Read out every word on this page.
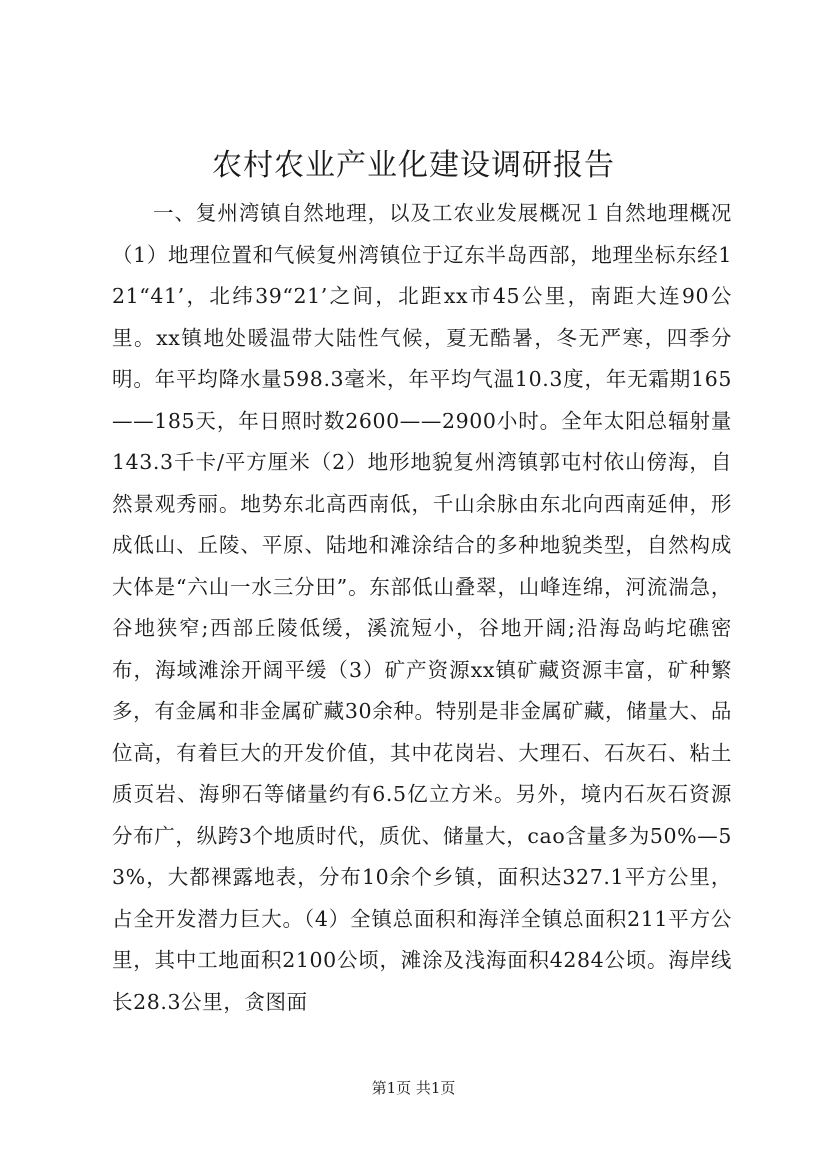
农村农业产业化建设调研报告

一、复州湾镇自然地理，以及工农业发展概况１自然地理概况（1）地理位置和气候复州湾镇位于辽东半岛西部，地理坐标东经121“41’，北纬39“21’之间，北距xx市45公里，南距大连90公里。xx镇地处暖温带大陆性气候，夏无酷暑，冬无严寒，四季分明。年平均降水量598.3毫米，年平均气温10.3度，年无霜期165——185天，年日照时数2600——2900小时。全年太阳总辐射量143.3千卡/平方厘米（2）地形地貌复州湾镇郭屯村依山傍海，自然景观秀丽。地势东北高西南低，千山余脉由东北向西南延伸，形成低山、丘陵、平原、陆地和滩涂结合的多种地貌类型，自然构成大体是“六山一水三分田”。东部低山叠翠，山峰连绵，河流湍急，谷地狭窄;西部丘陵低缓，溪流短小，谷地开阔;沿海岛屿坨礁密布，海域滩涂开阔平缓（3）矿产资源xx镇矿藏资源丰富，矿种繁多，有金属和非金属矿藏30余种。特别是非金属矿藏，储量大、品位高，有着巨大的开发价值，其中花岗岩、大理石、石灰石、粘土质页岩、海卵石等储量约有6.5亿立方米。另外，境内石灰石资源分布广，纵跨3个地质时代，质优、储量大，cao含量多为50%—53%，大都裸露地表，分布10余个乡镇，面积达327.1平方公里，占全开发潜力巨大。（4）全镇总面积和海洋全镇总面积211平方公里，其中工地面积2100公顷，滩涂及浅海面积4284公顷。海岸线长28.3公里，贪图面

第1页 共1页
